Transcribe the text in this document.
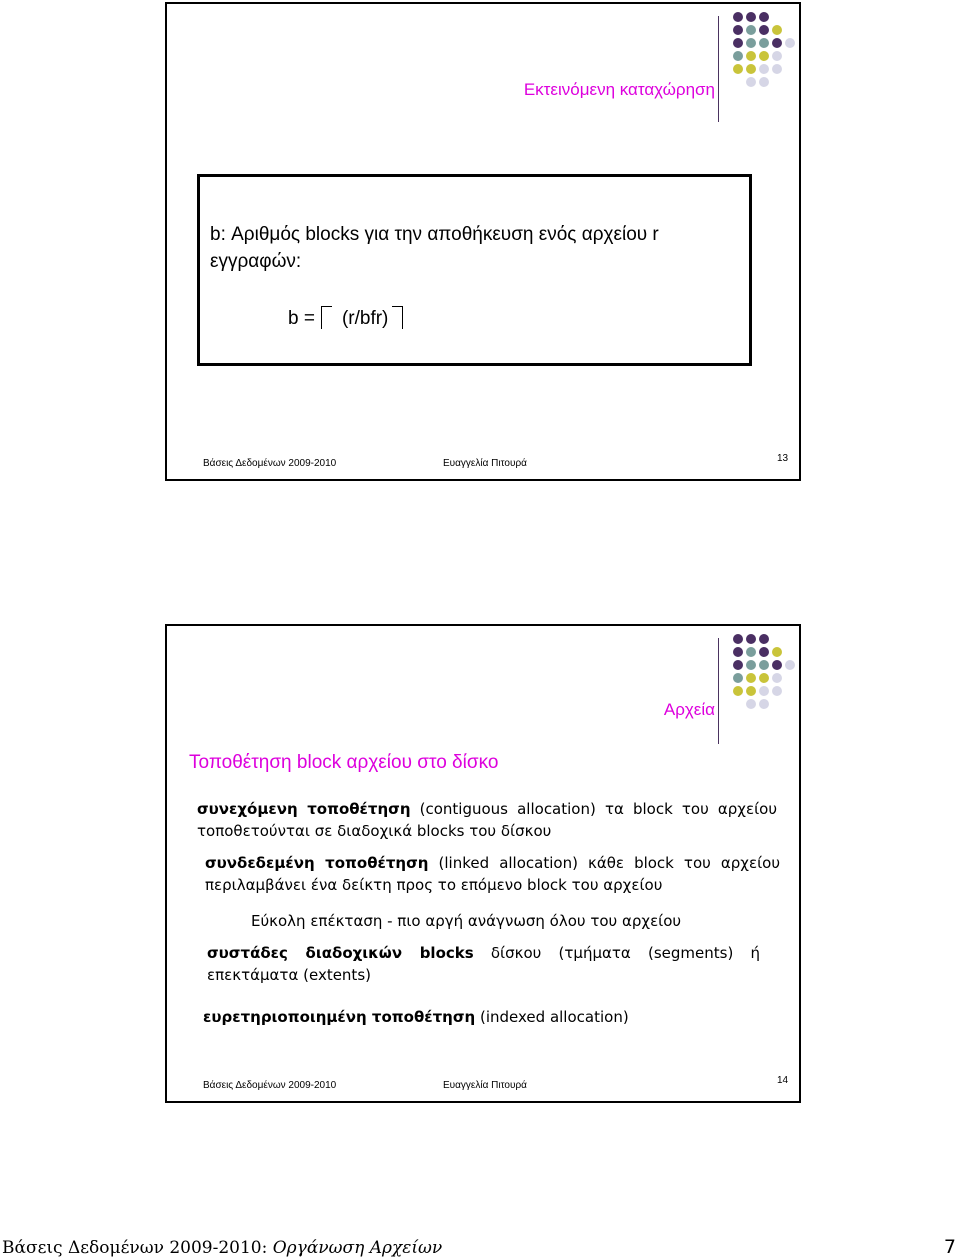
Εκτεινόμενη καταχώρηση
b: Αριθμός blocks για την αποθήκευση ενός αρχείου r εγγραφών:
b = (r/bfr)
Βάσεις Δεδομένων 2009-2010	Ευαγγελία Πιτουρά	13
Αρχεία
Τοποθέτηση block αρχείου στο δίσκο
συνεχόμενη τοποθέτηση (contiguous allocation) τα block του αρχείου τοποθετούνται σε διαδοχικά blocks του δίσκου
συνδεδεμένη τοποθέτηση (linked allocation) κάθε block του αρχείου περιλαμβάνει ένα δείκτη προς το επόμενο block του αρχείου
Εύκολη επέκταση - πιο αργή ανάγνωση όλου του αρχείου
συστάδες διαδοχικών blocks δίσκου (τμήματα (segments) ή επεκτάματα (extents)
ευρετηριοποιημένη τοποθέτηση (indexed allocation)
Βάσεις Δεδομένων 2009-2010	Ευαγγελία Πιτουρά	14
Βάσεις Δεδομένων 2009-2010: Οργάνωση Αρχείων	7
